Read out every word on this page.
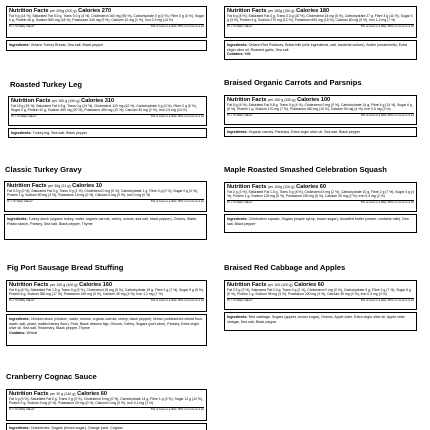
Nutrition Facts per 200g (200 g) Calories 270
Fat 9 g (14 %), Saturated Fat 0.5 g, Trans 0.0 g (3 %), Cholesterol 160 mg (55 %), Carbohydrate 0 g (0 %), Fibre 0 g (0 %), Sugar 0 g, Protein 46 g, Sodium 560 mg (18 %), Potassium 440 mg (9 %), Calcium 10 mg (1 %), Iron 2.5 mg (14 %)
% = % Daily Value*	5% or less is a little 15% or more is a lot
Ingredients: Ontario Turkey Breast, Sea salt, Black pepper
Roasted Turkey Leg
Nutrition Facts per 150 g (150 g) Calories 310
Fat 15 g (19 %), Saturated Fat 4.5 g, Trans 0 g (24 %), Cholesterol 120 mg (42 %), Carbohydrate 0 g (0 %), Fibre 0 g (0 %), Sugar 0 g, Protein 42 g, Sodium 450 mg (20 %), Potassium 480 mg (10 %), Calcium 30 mg (2 %), Iron 2.5 mg (14 %)
% = % Daily Value*	5% or less is a little 15% or more is a lot
Ingredients: Turkey leg, Sea salt, Black pepper
Classic Turkey Gravy
Nutrition Facts per 30g (31 g) Calories 10
Fat 0.3 g (0 %), Saturated Fat 0 g, Trans 0 g (1 %), Cholesterol 0 mg (0 %), Carbohydrate 1 g, Fibre 0 g (0 %), Sugar 0 g (0 %), Protein 1 g, Sodium 60 mg (3 %), Potassium 15 mg (0 %), Calcium 0 mg (0 %), Iron 0 mg (0 %)
% = % Daily Value*	5% or less is a little 15% or more is a lot
Ingredients: Turkey stock (organic turkey, water, organic carrots, celery, onions, sea salt, black pepper), Onions, Water, Potato starch, Parsley, Sea salt, Black pepper, Thyme
Fig Port Sausage Bread Stuffing
Nutrition Facts per 100 g (100 g) Calories 160
Fat 6 g (8 %), Saturated Fat 1.5 g, Trans 0 g (9 %), Cholesterol 15 mg (5 %), Carbohydrate 19 g, Fibre 2 g (7 %), Sugar 5 g (5 %), Protein 6 g, Sodium 380 mg (17 %), Potassium 160 mg (3 %), Calcium 40 mg (3 %), Iron 1.2 mg (7 %)
% = % Daily Value*	5% or less is a little 15% or more is a lot
Ingredients: Chicken stock (chicken, water, onions, organic carrots, celery, black pepper), bread (unbleached wheat flour, water, salt, yeast, malted barley flour), Pork, Black mission figs, Onions, Celery, Sugars (port wine), Parsley, Extra virgin olive oil, Sea salt, Rosemary, Black pepper, Thyme
Contains: Wheat
Cranberry Cognac Sauce
Nutrition Facts per 30 g (140 g) Calories 60
Fat 0 g (0 %), Saturated Fat 0 g, Trans 0 g (0 %), Cholesterol 0 mg (0 %), Carbohydrate 14 g, Fibre 1 g (4 %), Sugar 12 g (12 %), Protein 0 g, Sodium 0 mg (0 %), Potassium 20 mg (0 %), Calcium 0 mg (0 %), Iron 0.1 mg (1 %)
% = % Daily Value*	5% or less is a little 15% or more is a lot
Ingredients: Cranberries, Sugars (brown sugar), Orange juice, Cognac
Nutrition Facts per 150g (150 g) Calories 180
Fat 6 g (8 %), Saturated Fat 4 g, Trans 0.3 g (20 %), Cholesterol 15 mg (5 %), Carbohydrate 27 g, Fibre 3 g (11 %), Sugar 3 g (3 %), Protein 4 g, Sodium 270 mg (12 %), Potassium 690 mg (15 %), Calcium 60 mg (5 %), Iron 1.2 mg (7 %)
% = % Daily Value*	5% or less is a little 15% or more is a lot
Ingredients: Ontario Red Potatoes, Buttermilk (milk ingredients, salt, bacterial culture), Butter (cream/milk), Extra virgin olive oil, Roasted garlic, Sea salt
Contains: Milk
Braised Organic Carrots and Parsnips
Nutrition Facts per 150 g (150 g) Calories 100
Fat 5 g (6 %), Saturated Fat 0.8 g, Trans 0 g (4 %), Cholesterol 0 mg (0 %), Carbohydrate 14 g, Fibre 4 g (14 %), Sugar 6 g (6 %), Protein 1 g, Sodium 170 mg (7 %), Potassium 450 mg (10 %), Calcium 50 mg (4 %), Iron 0.6 mg (3 %)
% = % Daily Value*	5% or less is a little 15% or more is a lot
Ingredients: Organic carrots, Parsnips, Extra virgin olive oil, Sea salt, Black pepper
Maple Roasted Smashed Celebration Squash
Nutrition Facts per 100g (100 g) Calories 60
Fat 2 g (3 %), Saturated Fat 1.5 g, Trans 0 g (8 %), Cholesterol 5 mg (2 %), Carbohydrate 10 g, Fibre 2 g (7 %), Sugar 4 g (4 %), Protein 1 g, Sodium 125 mg (5 %), Potassium 230 mg (5 %), Calcium 30 mg (2 %), Iron 0.4 mg (2 %)
% = % Daily Value*	5% or less is a little 15% or more is a lot
Ingredients: Celebration squash, Sugars (maple syrup, brown sugar), Unsalted butter (cream, contains milk), Sea salt, Black pepper
Braised Red Cabbage and Apples
Nutrition Facts per 100 (100 g) Calories 60
Fat 2.5 g (3 %), Saturated Fat 0.3 g, Trans 0 g (2 %), Cholesterol 0 mg (0 %), Carbohydrate 9 g, Fibre 2 g (7 %), Sugar 6 g (6 %), Protein 1 g, Sodium 95 mg (4 %), Potassium 200 mg (4 %), Calcium 30 mg (2 %), Iron 0.4 mg (2 %)
% = % Daily Value*	5% or less is a little 15% or more is a lot
Ingredients: Red cabbage, Sugars (apples, brown sugar), Onions, Apple cider, Extra virgin olive oil, Apple cider vinegar, Sea salt, Black pepper
